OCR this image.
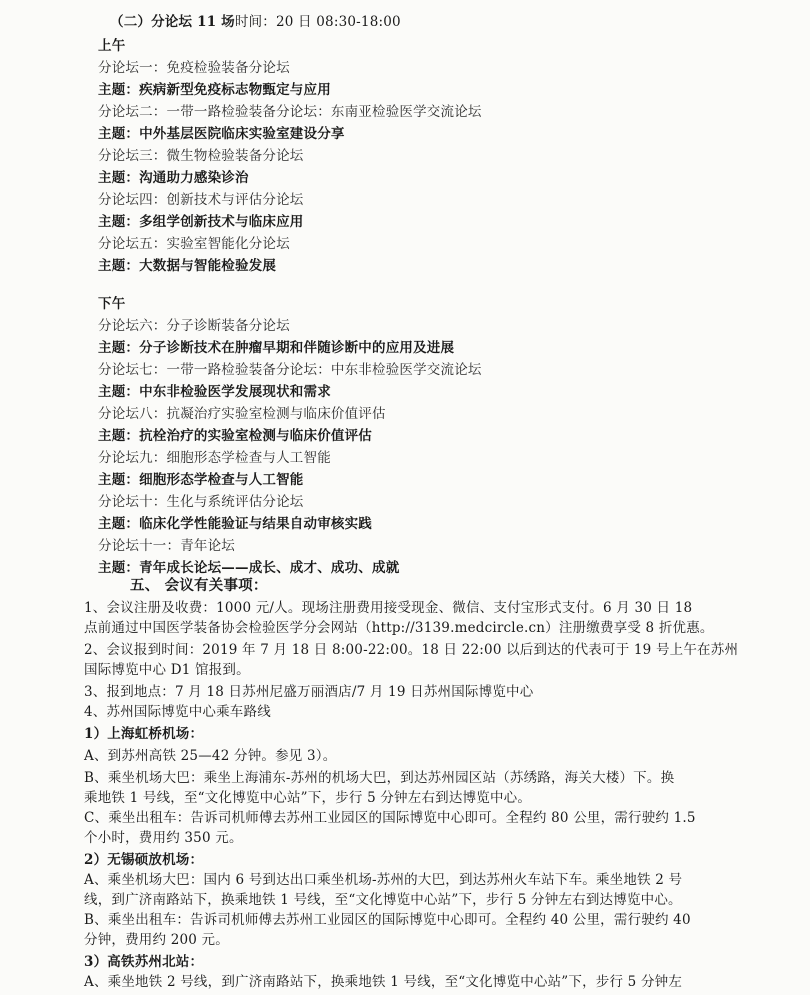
（二）分论坛 11 场时间：20 日 08:30-18:00
上午
分论坛一：免疫检验装备分论坛
主题：疾病新型免疫标志物甄定与应用
分论坛二：一带一路检验装备分论坛：东南亚检验医学交流论坛
主题：中外基层医院临床实验室建设分享
分论坛三：微生物检验装备分论坛
主题：沟通助力感染诊治
分论坛四：创新技术与评估分论坛
主题：多组学创新技术与临床应用
分论坛五：实验室智能化分论坛
主题：大数据与智能检验发展
下午
分论坛六：分子诊断装备分论坛
主题：分子诊断技术在肿瘤早期和伴随诊断中的应用及进展
分论坛七：一带一路检验装备分论坛：中东非检验医学交流论坛
主题：中东非检验医学发展现状和需求
分论坛八：抗凝治疗实验室检测与临床价值评估
主题：抗栓治疗的实验室检测与临床价值评估
分论坛九：细胞形态学检查与人工智能
主题：细胞形态学检查与人工智能
分论坛十：生化与系统评估分论坛
主题：临床化学性能验证与结果自动审核实践
分论坛十一：青年论坛
主题：青年成长论坛——成长、成才、成功、成就
五、 会议有关事项：
1、会议注册及收费：1000 元/人。现场注册费用接受现金、微信、支付宝形式支付。6 月 30 日 18
点前通过中国医学装备协会检验医学分会网站（http://3139.medcircle.cn）注册缴费享受 8 折优惠。
2、会议报到时间：2019 年 7 月 18 日 8:00-22:00。18 日 22:00 以后到达的代表可于 19 号上午在苏州
国际博览中心 D1 馆报到。
3、报到地点：7 月 18 日苏州尼盛万丽酒店/7 月 19 日苏州国际博览中心
4、苏州国际博览中心乘车路线
1）上海虹桥机场：
A、到苏州高铁 25—42 分钟。参见 3）。
B、乘坐机场大巴：乘坐上海浦东-苏州的机场大巴，到达苏州园区站（苏绣路，海关大楼）下。换
乘地铁 1 号线，至“文化博览中心站”下，步行 5 分钟左右到达博览中心。
C、乘坐出租车：告诉司机师傅去苏州工业园区的国际博览中心即可。全程约 80 公里，需行驶约 1.5
个小时，费用约 350 元。
2）无锡硕放机场：
A、乘坐机场大巴：国内 6 号到达出口乘坐机场-苏州的大巴，到达苏州火车站下车。乘坐地铁 2 号
线，到广济南路站下，换乘地铁 1 号线，至“文化博览中心站”下，步行 5 分钟左右到达博览中心。
B、乘坐出租车：告诉司机师傅去苏州工业园区的国际博览中心即可。全程约 40 公里，需行驶约 40
分钟，费用约 200 元。
3）高铁苏州北站：
A、乘坐地铁 2 号线，到广济南路站下，换乘地铁 1 号线，至“文化博览中心站”下，步行 5 分钟左
